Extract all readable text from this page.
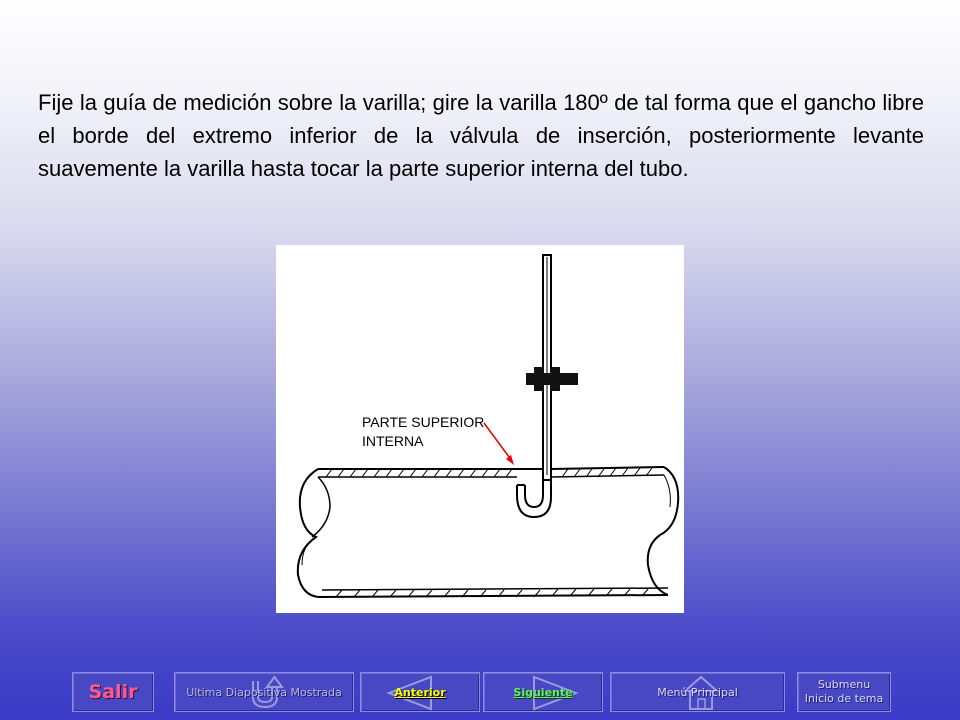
Fije la guía de medición sobre la varilla; gire la varilla 180º de tal forma que el gancho libre el borde del extremo inferior de la válvula de inserción, posteriormente levante suavemente la varilla hasta tocar la parte superior interna del tubo.

PARTE SUPERIOR
INTERNA
Salir	Ultima Diapositiva Mostrada	Anterior	Siguiente	Menú Principal
Submenu
Inicio de tema
